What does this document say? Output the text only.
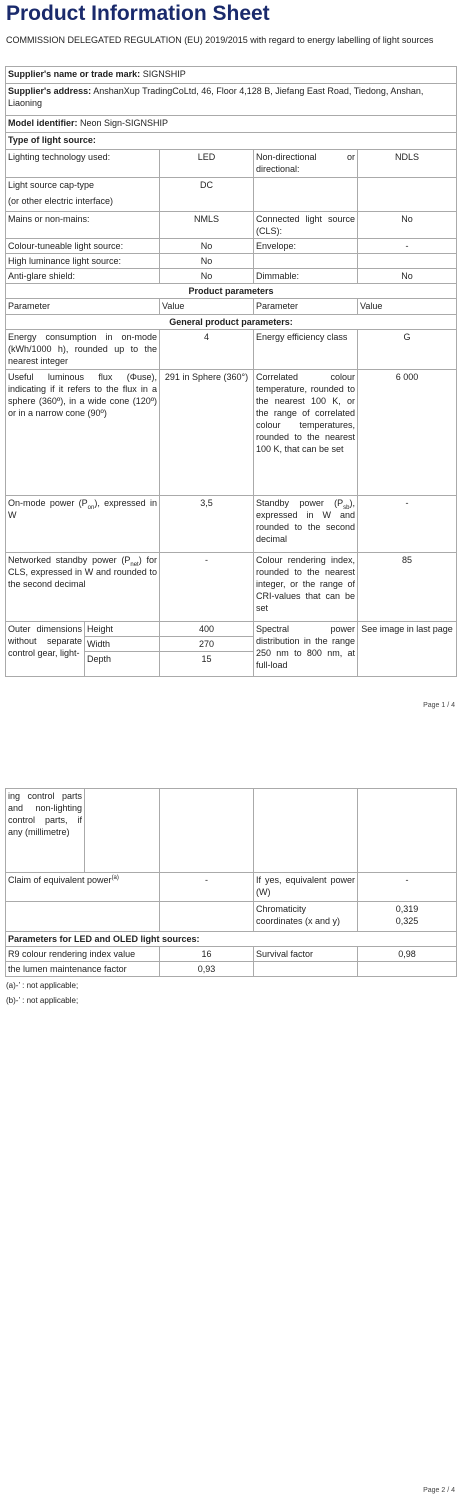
Product Information Sheet
COMMISSION DELEGATED REGULATION (EU) 2019/2015 with regard to energy labelling of light sources
Supplier's name or trade mark: SIGNSHIP				
Supplier's address: AnshanXup TradingCoLtd, 46, Floor 4,128 B, Jiefang East Road, Tiedong, Anshan, Liaoning				
Model identifier: Neon Sign-SIGNSHIP				
Type of light source:				
Lighting technology used:		LED	Non-directional or directional:	NDLS

Light source cap-type
(or other electric interface)		DC		
Mains or non-mains:		NMLS	Connected light source (CLS):	No
Colour-tuneable light source:		No	Envelope:	-
High luminance light source:		No		
Anti-glare shield:		No	Dimmable:	No
Product parameters				
Parameter		Value	Parameter	Value
General product parameters:				
Energy consumption in on-mode (kWh/1000 h), rounded up to the nearest integer		4	Energy efficiency class	G
Useful luminous flux (Φuse), indicating if it refers to the flux in a sphere (360º), in a wide cone (120º) or in a narrow cone (90º)		291 in Sphere (360°)	Correlated colour temperature, rounded to the nearest 100 K, or the range of correlated colour temperatures, rounded to the nearest 100 K, that can be set	6 000
On-mode power $(P_{on})$, expressed in W		3,5	Standby power $(P_{sb})$, expressed in W and rounded to the second decimal	-
Networked standby power $(P_{net})$ for CLS, expressed in W and rounded to the second decimal		-	Colour rendering index, rounded to the nearest integer, or the range of CRI-values that can be set	85
Outer dimensions without separate control gear, light-	Height	400	Spectral power distribution in the range 250 nm to 800 nm, at full-load	See image in last page
	Width	270		
	Depth	15		
Page 1 / 4
ing control parts and non-lighting control parts, if any (millimetre)				
Claim of equivalent power$^{(a)}$		-	If yes, equivalent power (W)	-
			Chromaticity coordinates (x and y)	0,319
0,325

Parameters for LED and OLED light sources:				
R9 colour rendering index value		16	Survival factor	0,98
the lumen maintenance factor		0,93		
(a)-’ : not applicable;
(b)-’ : not applicable;
Page 2 / 4
